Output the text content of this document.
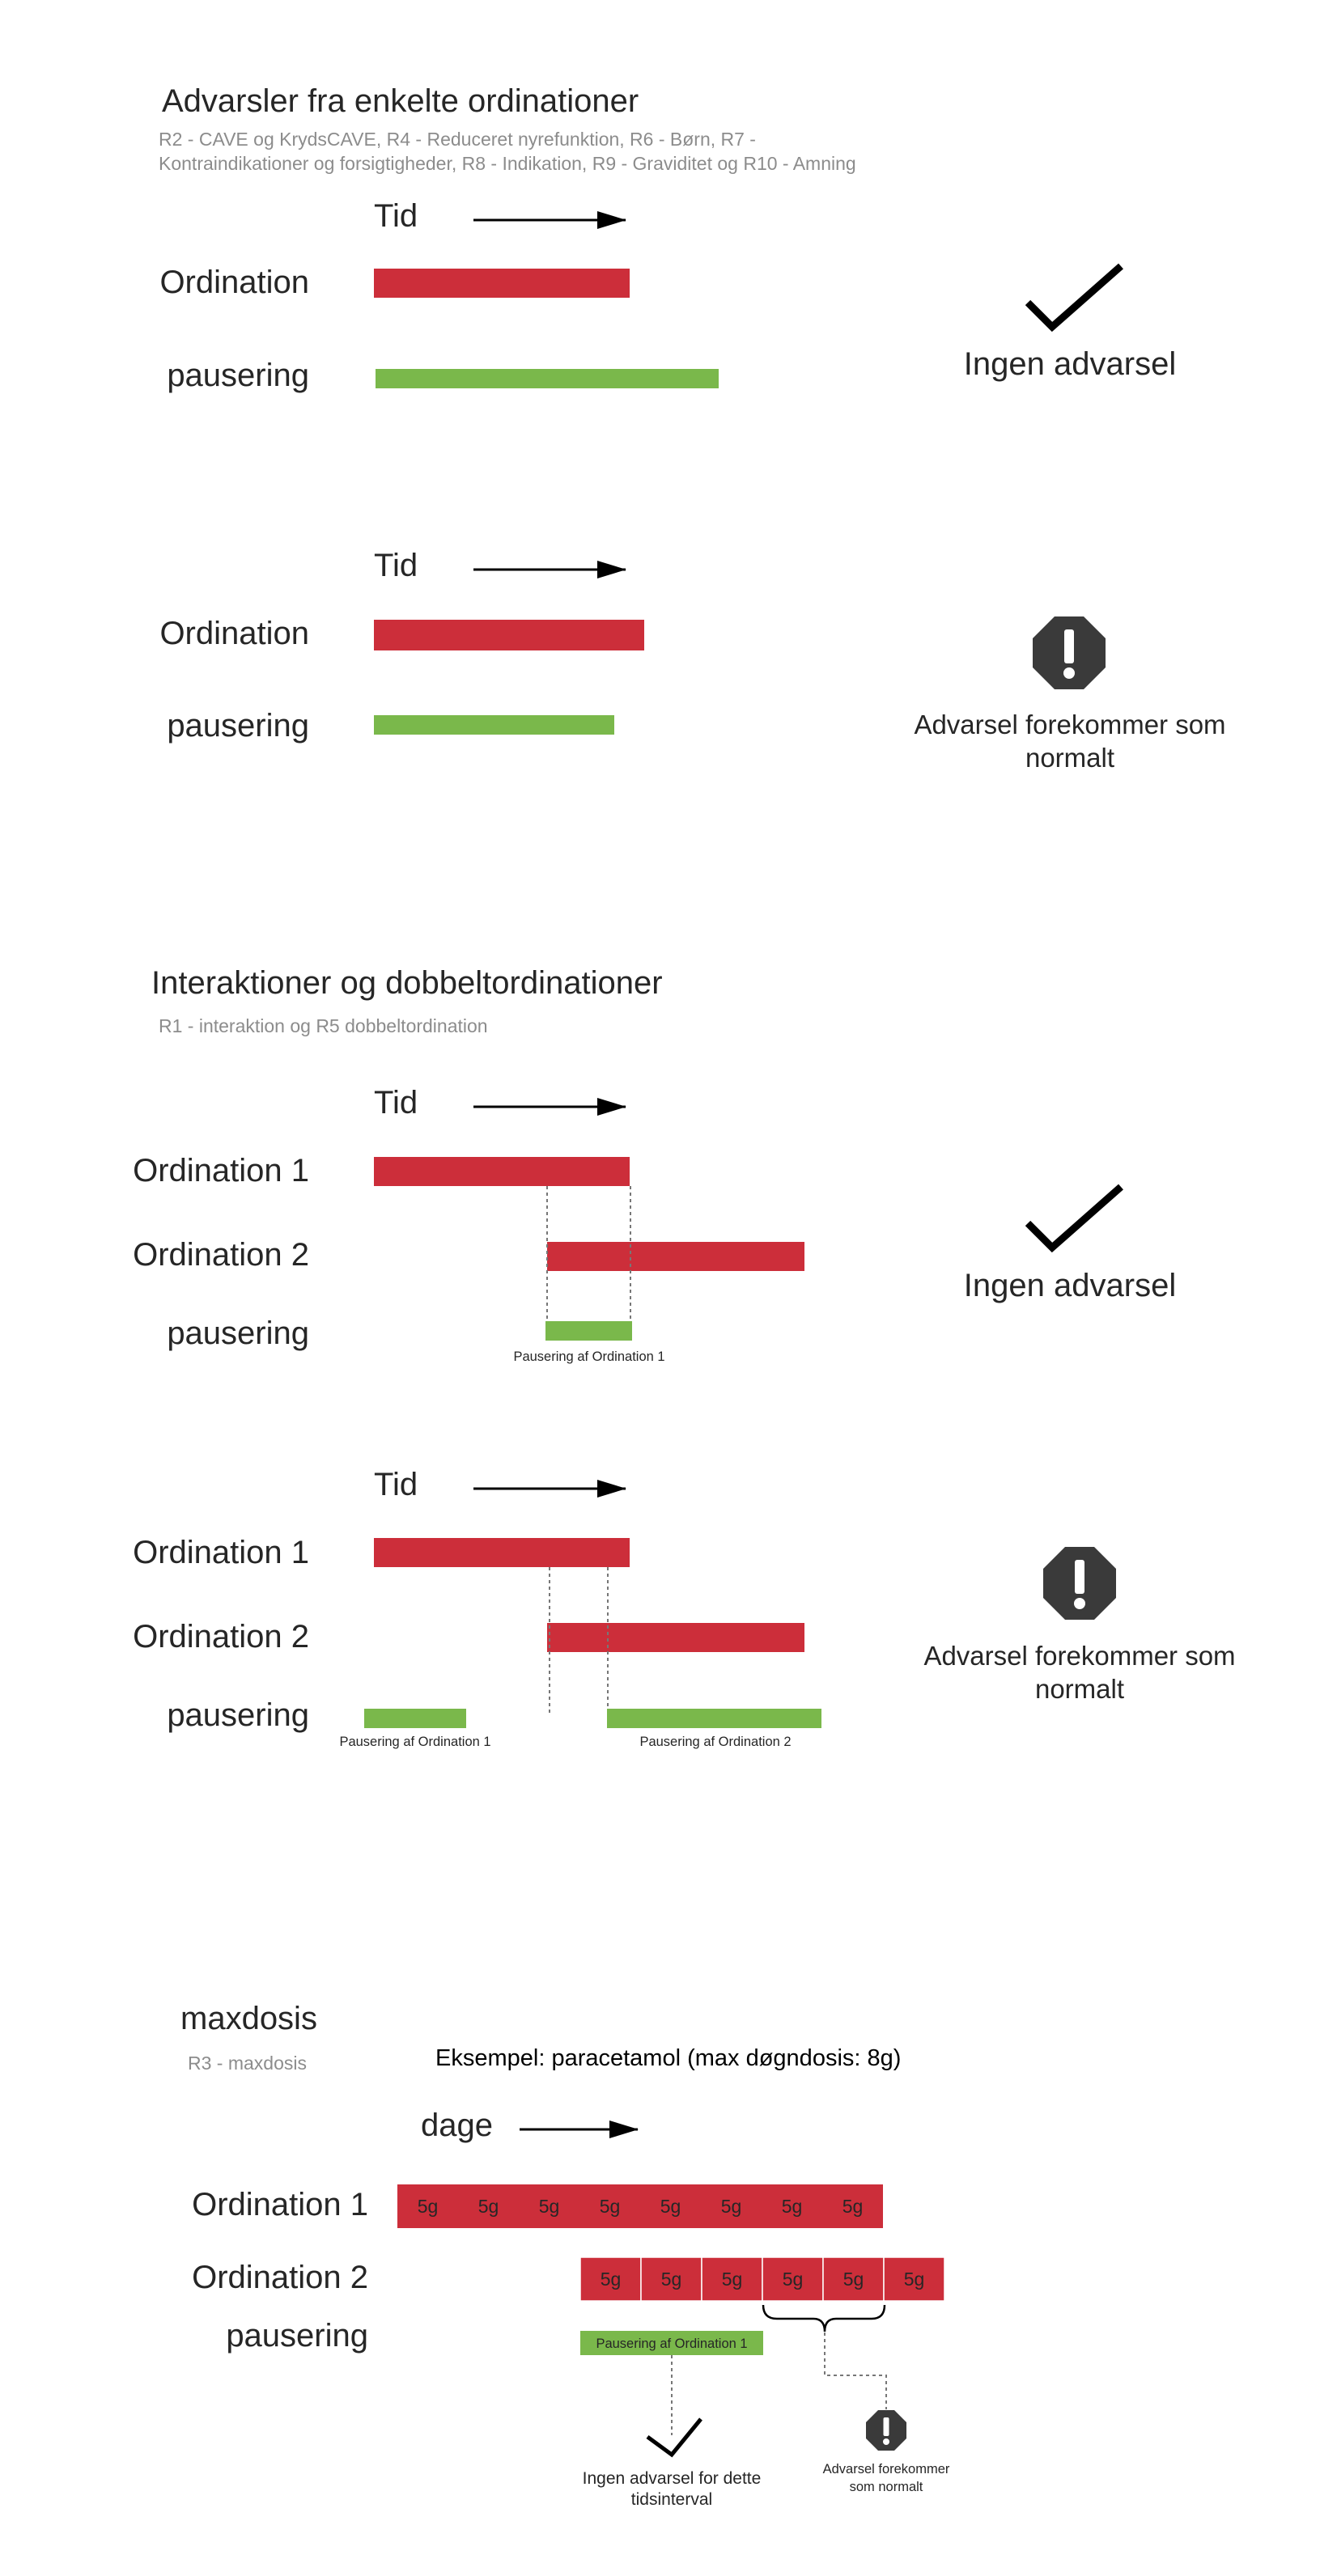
Advarsler fra enkelte ordinationer
R2 - CAVE og KrydsCAVE, R4 - Reduceret nyrefunktion, R6 - Børn, R7 -
Kontraindikationer og forsigtigheder, R8 - Indikation, R9 - Graviditet og R10 - Amning
Tid
Ordination
pausering	Ingen advarsel
Tid
Ordination
pausering	Advarsel forekommer som
normalt
Interaktioner og dobbeltordinationer
R1 - interaktion og R5 dobbeltordination
Tid
Ordination 1
Ordination 2
pausering
Pausering af Ordination 1
Ingen advarsel
Tid
Ordination 1
Ordination 2
pausering
Pausering af Ordination 1	Pausering af Ordination 2
Advarsel forekommer som
normalt
maxdosis
R3 - maxdosis	Eksempel: paracetamol (max døgndosis: 8g)
dage
Ordination 1	5g 5g 5g 5g 5g 5g 5g 5g
Ordination 2	5g 5g 5g 5g 5g 5g
pausering	Pausering af Ordination 1
Ingen advarsel for dette
tidsinterval
Advarsel forekommer
som normalt
